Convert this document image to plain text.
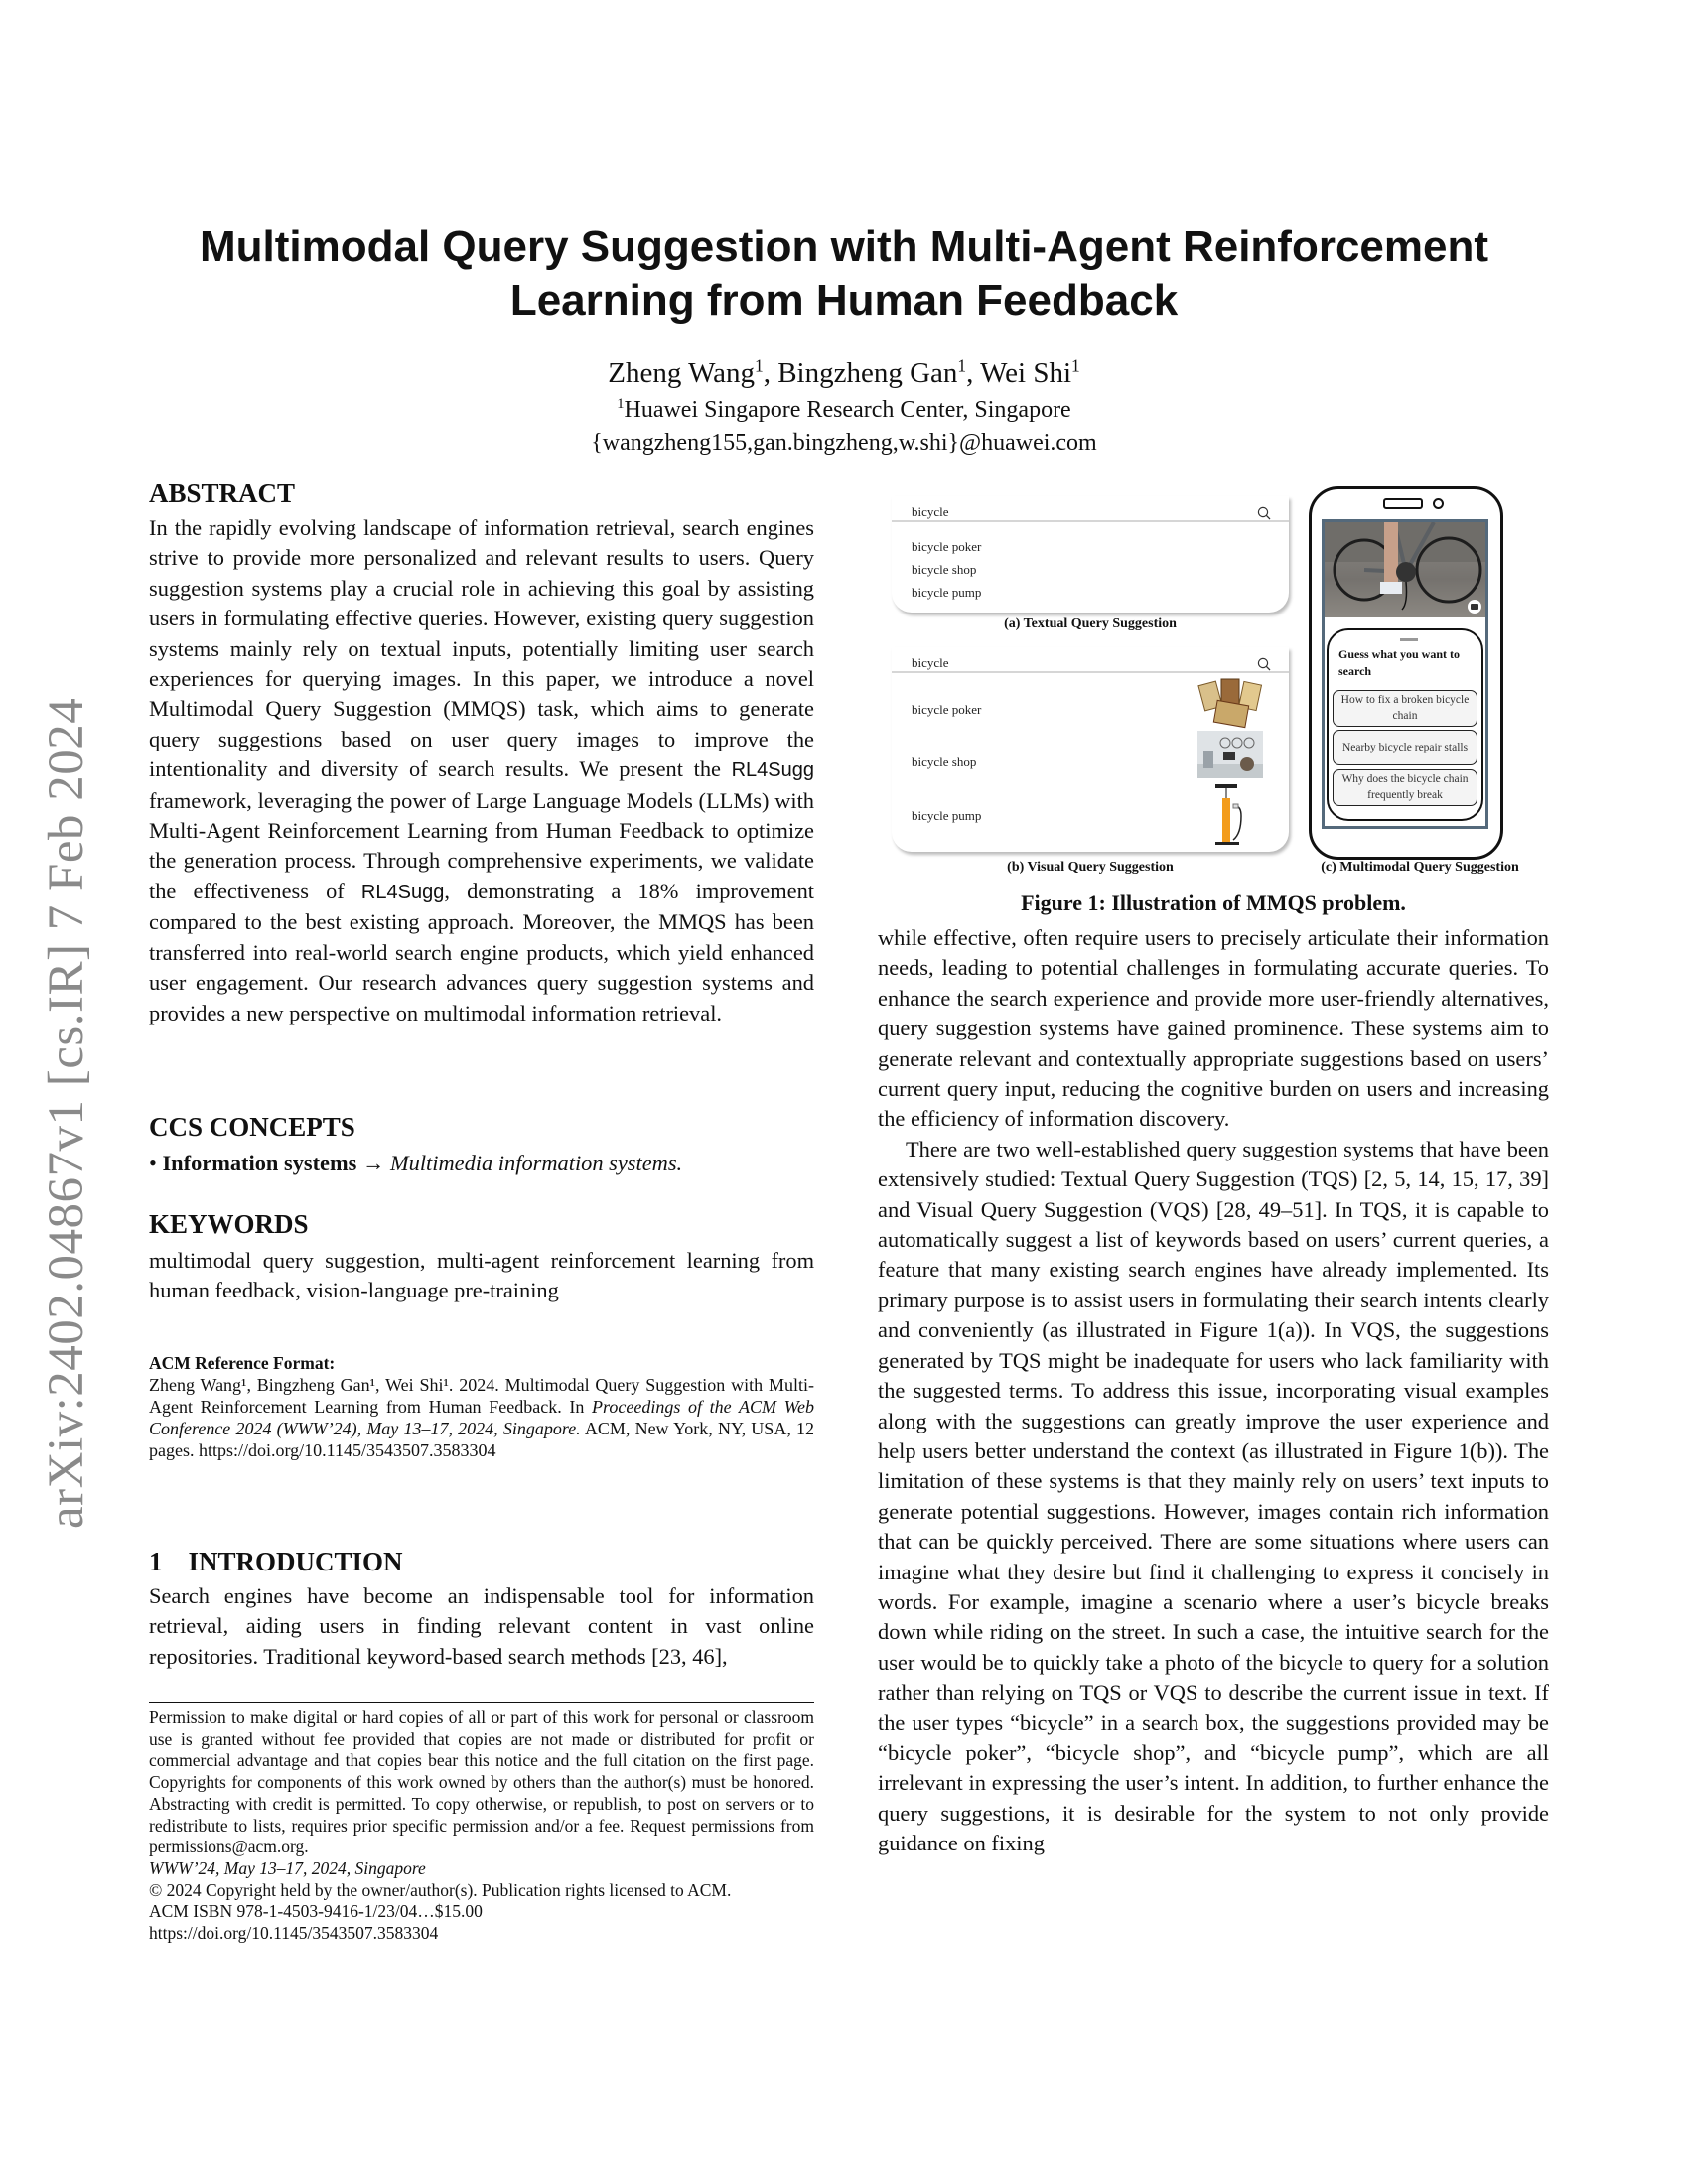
arXiv:2402.04867v1 [cs.IR] 7 Feb 2024
Multimodal Query Suggestion with Multi-Agent Reinforcement
Learning from Human Feedback
Zheng Wang$^1$, Bingzheng Gan$^1$, Wei Shi$^1$
$^1$Huawei Singapore Research Center, Singapore
{wangzheng155,gan.bingzheng,w.shi}@huawei.com
ABSTRACT

In the rapidly evolving landscape of information retrieval, search engines strive to provide more personalized and relevant results to users. Query suggestion systems play a crucial role in achieving this goal by assisting users in formulating effective queries. However, existing query suggestion systems mainly rely on textual inputs, potentially limiting user search experiences for querying images. In this paper, we introduce a novel Multimodal Query Suggestion (MMQS) task, which aims to generate query suggestions based on user query images to improve the intentionality and diversity of search results. We present the RL4Sugg framework, leveraging the power of Large Language Models (LLMs) with Multi-Agent Reinforcement Learning from Human Feedback to optimize the generation process. Through comprehensive experiments, we validate the effectiveness of RL4Sugg, demonstrating a 18% improvement compared to the best existing approach. Moreover, the MMQS has been transferred into real-world search engine products, which yield enhanced user engagement. Our research advances query suggestion systems and provides a new perspective on multimodal information retrieval.

CCS CONCEPTS

• Information systems → Multimedia information systems.

KEYWORDS

multimodal query suggestion, multi-agent reinforcement learning from human feedback, vision-language pre-training

ACM Reference Format:

Zheng Wang¹, Bingzheng Gan¹, Wei Shi¹. 2024. Multimodal Query Suggestion with Multi-Agent Reinforcement Learning from Human Feedback. In Proceedings of the ACM Web Conference 2024 (WWW’24), May 13–17, 2024, Singapore. ACM, New York, NY, USA, 12 pages. https://doi.org/10.1145/3543507.3583304

1 INTRODUCTION

Search engines have become an indispensable tool for information retrieval, aiding users in finding relevant content in vast online repositories. Traditional keyword-based search methods [23, 46],

Permission to make digital or hard copies of all or part of this work for personal or classroom use is granted without fee provided that copies are not made or distributed for profit or commercial advantage and that copies bear this notice and the full citation on the first page. Copyrights for components of this work owned by others than the author(s) must be honored. Abstracting with credit is permitted. To copy otherwise, or republish, to post on servers or to redistribute to lists, requires prior specific permission and/or a fee. Request permissions from permissions@acm.org.

WWW’24, May 13–17, 2024, Singapore

© 2024 Copyright held by the owner/author(s). Publication rights licensed to ACM.

ACM ISBN 978-1-4503-9416-1/23/04…$15.00

https://doi.org/10.1145/3543507.3583304

bicycle
bicycle poker
bicycle shop
bicycle pump
(a) Textual Query Suggestion
bicycle
bicycle poker
bicycle shop
bicycle pump
(b) Visual Query Suggestion
Guess what you want to search
How to fix a broken bicycle chain
Nearby bicycle repair stalls
Why does the bicycle chain frequently break
(c) Multimodal Query Suggestion
Figure 1: Illustration of MMQS problem.

while effective, often require users to precisely articulate their information needs, leading to potential challenges in formulating accurate queries. To enhance the search experience and provide more user-friendly alternatives, query suggestion systems have gained prominence. These systems aim to generate relevant and contextually appropriate suggestions based on users’ current query input, reducing the cognitive burden on users and increasing the efficiency of information discovery.

There are two well-established query suggestion systems that have been extensively studied: Textual Query Suggestion (TQS) [2, 5, 14, 15, 17, 39] and Visual Query Suggestion (VQS) [28, 49–51]. In TQS, it is capable to automatically suggest a list of keywords based on users’ current queries, a feature that many existing search engines have already implemented. Its primary purpose is to assist users in formulating their search intents clearly and conveniently (as illustrated in Figure 1(a)). In VQS, the suggestions generated by TQS might be inadequate for users who lack familiarity with the suggested terms. To address this issue, incorporating visual examples along with the suggestions can greatly improve the user experience and help users better understand the context (as illustrated in Figure 1(b)). The limitation of these systems is that they mainly rely on users’ text inputs to generate potential suggestions. However, images contain rich information that can be quickly perceived. There are some situations where users can imagine what they desire but find it challenging to express it concisely in words. For example, imagine a scenario where a user’s bicycle breaks down while riding on the street. In such a case, the intuitive search for the user would be to quickly take a photo of the bicycle to query for a solution rather than relying on TQS or VQS to describe the current issue in text. If the user types “bicycle” in a search box, the suggestions provided may be “bicycle poker”, “bicycle shop”, and “bicycle pump”, which are all irrelevant in expressing the user’s intent. In addition, to further enhance the query suggestions, it is desirable for the system to not only provide guidance on fixing
